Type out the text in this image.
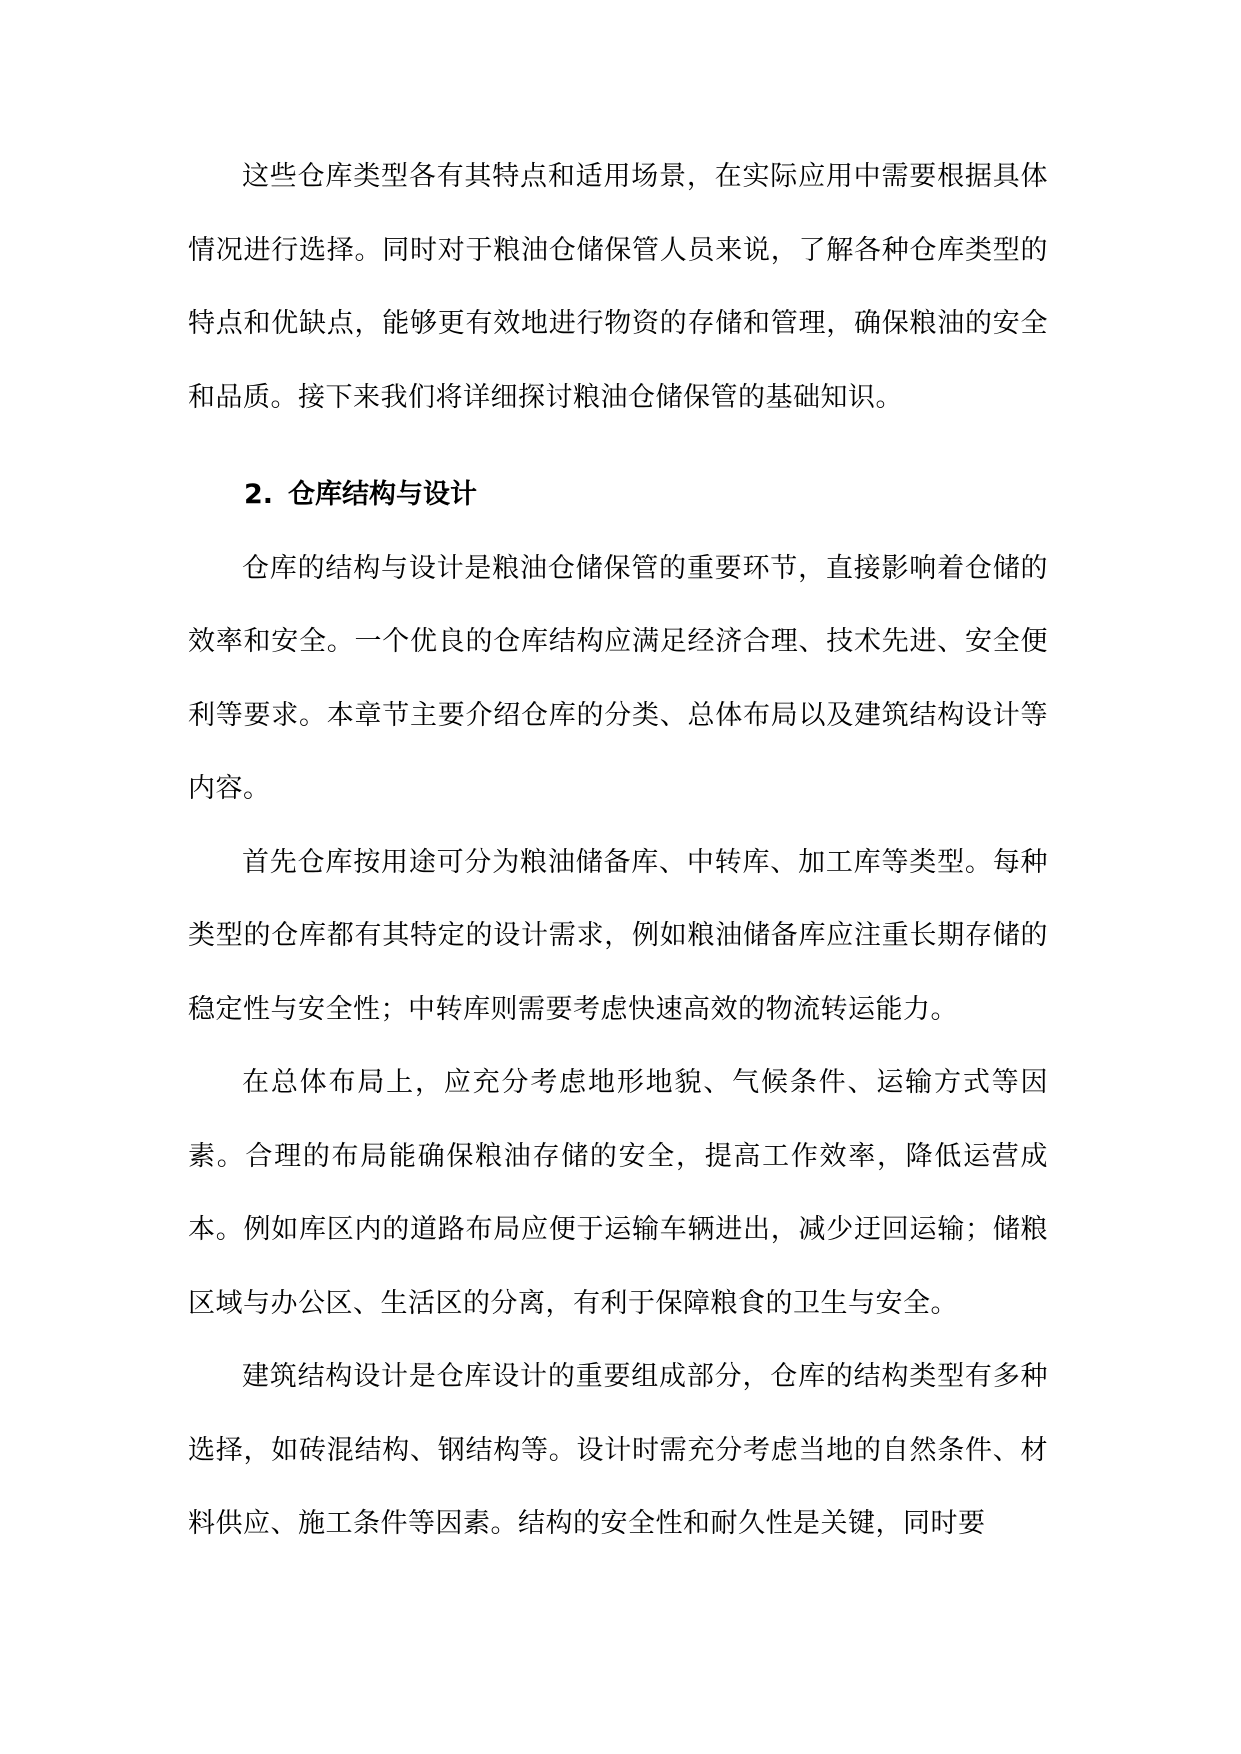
这些仓库类型各有其特点和适用场景，在实际应用中需要根据具体情况进行选择。同时对于粮油仓储保管人员来说，了解各种仓库类型的特点和优缺点，能够更有效地进行物资的存储和管理，确保粮油的安全和品质。接下来我们将详细探讨粮油仓储保管的基础知识。

2. 仓库结构与设计

仓库的结构与设计是粮油仓储保管的重要环节，直接影响着仓储的效率和安全。一个优良的仓库结构应满足经济合理、技术先进、安全便利等要求。本章节主要介绍仓库的分类、总体布局以及建筑结构设计等内容。

首先仓库按用途可分为粮油储备库、中转库、加工库等类型。每种类型的仓库都有其特定的设计需求，例如粮油储备库应注重长期存储的稳定性与安全性；中转库则需要考虑快速高效的物流转运能力。

在总体布局上，应充分考虑地形地貌、气候条件、运输方式等因素。合理的布局能确保粮油存储的安全，提高工作效率，降低运营成本。例如库区内的道路布局应便于运输车辆进出，减少迂回运输；储粮区域与办公区、生活区的分离，有利于保障粮食的卫生与安全。

建筑结构设计是仓库设计的重要组成部分，仓库的结构类型有多种选择，如砖混结构、钢结构等。设计时需充分考虑当地的自然条件、材料供应、施工条件等因素。结构的安全性和耐久性是关键，同时要
